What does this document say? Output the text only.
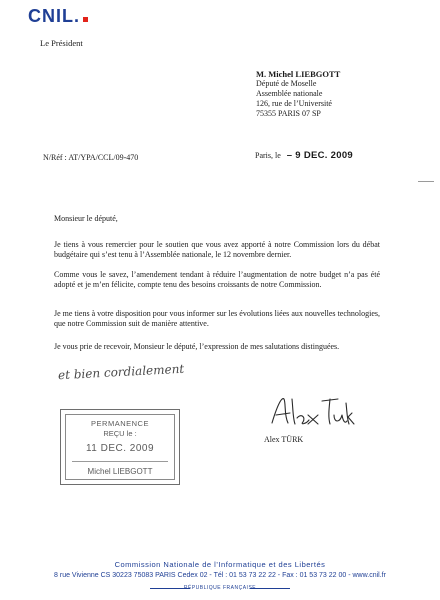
CNIL.
Le Président
M. Michel LIEBGOTT
Député de Moselle
Assemblée nationale
126, rue de l’Université
75355 PARIS 07 SP
N/Réf : AT/YPA/CCL/09-470	Paris, le – 9 DEC. 2009
Monsieur le député,
Je tiens à vous remercier pour le soutien que vous avez apporté à notre Commission lors du débat budgétaire qui s’est tenu à l’Assemblée nationale, le 12 novembre dernier.
Comme vous le savez, l’amendement tendant à réduire l’augmentation de notre budget n’a pas été adopté et je m’en félicite, compte tenu des besoins croissants de notre Commission.
Je me tiens à votre disposition pour vous informer sur les évolutions liées aux nouvelles technologies, que notre Commission suit de manière attentive.
Je vous prie de recevoir, Monsieur le député, l’expression de mes salutations distinguées.
et bien cordialement
Alex TÜRK
PERMANENCE
REÇU le :
11 DEC. 2009
Michel LIEBGOTT
Commission Nationale de l’Informatique et des Libertés
8 rue Vivienne CS 30223 75083 PARIS Cedex 02 - Tél : 01 53 73 22 22 - Fax : 01 53 73 22 00 - www.cnil.fr
RÉPUBLIQUE FRANÇAISE
